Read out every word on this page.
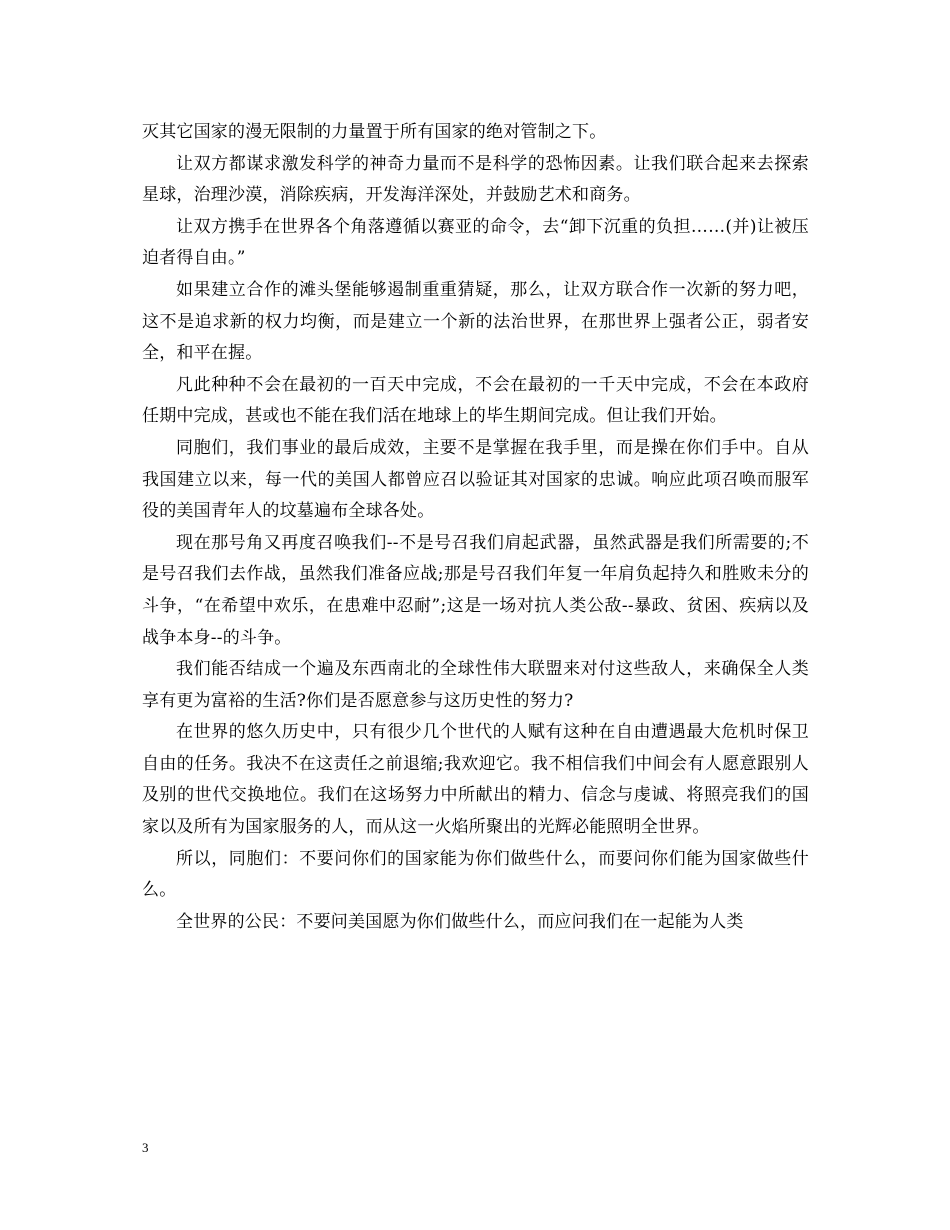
灭其它国家的漫无限制的力量置于所有国家的绝对管制之下。

让双方都谋求激发科学的神奇力量而不是科学的恐怖因素。让我们联合起来去探索星球，治理沙漠，消除疾病，开发海洋深处，并鼓励艺术和商务。

让双方携手在世界各个角落遵循以赛亚的命令，去“卸下沉重的负担……(并)让被压迫者得自由。”

如果建立合作的滩头堡能够遏制重重猜疑，那么，让双方联合作一次新的努力吧，这不是追求新的权力均衡，而是建立一个新的法治世界，在那世界上强者公正，弱者安全，和平在握。

凡此种种不会在最初的一百天中完成，不会在最初的一千天中完成，不会在本政府任期中完成，甚或也不能在我们活在地球上的毕生期间完成。但让我们开始。

同胞们，我们事业的最后成效，主要不是掌握在我手里，而是操在你们手中。自从我国建立以来，每一代的美国人都曾应召以验证其对国家的忠诚。响应此项召唤而服军役的美国青年人的坟墓遍布全球各处。

现在那号角又再度召唤我们--不是号召我们肩起武器，虽然武器是我们所需要的;不是号召我们去作战，虽然我们准备应战;那是号召我们年复一年肩负起持久和胜败未分的斗争，“在希望中欢乐，在患难中忍耐”;这是一场对抗人类公敌--暴政、贫困、疾病以及战争本身--的斗争。

我们能否结成一个遍及东西南北的全球性伟大联盟来对付这些敌人，来确保全人类享有更为富裕的生活?你们是否愿意参与这历史性的努力?

在世界的悠久历史中，只有很少几个世代的人赋有这种在自由遭遇最大危机时保卫自由的任务。我决不在这责任之前退缩;我欢迎它。我不相信我们中间会有人愿意跟别人及别的世代交换地位。我们在这场努力中所献出的精力、信念与虔诚、将照亮我们的国家以及所有为国家服务的人，而从这一火焰所聚出的光辉必能照明全世界。

所以，同胞们：不要问你们的国家能为你们做些什么，而要问你们能为国家做些什么。

全世界的公民：不要问美国愿为你们做些什么，而应问我们在一起能为人类

3
